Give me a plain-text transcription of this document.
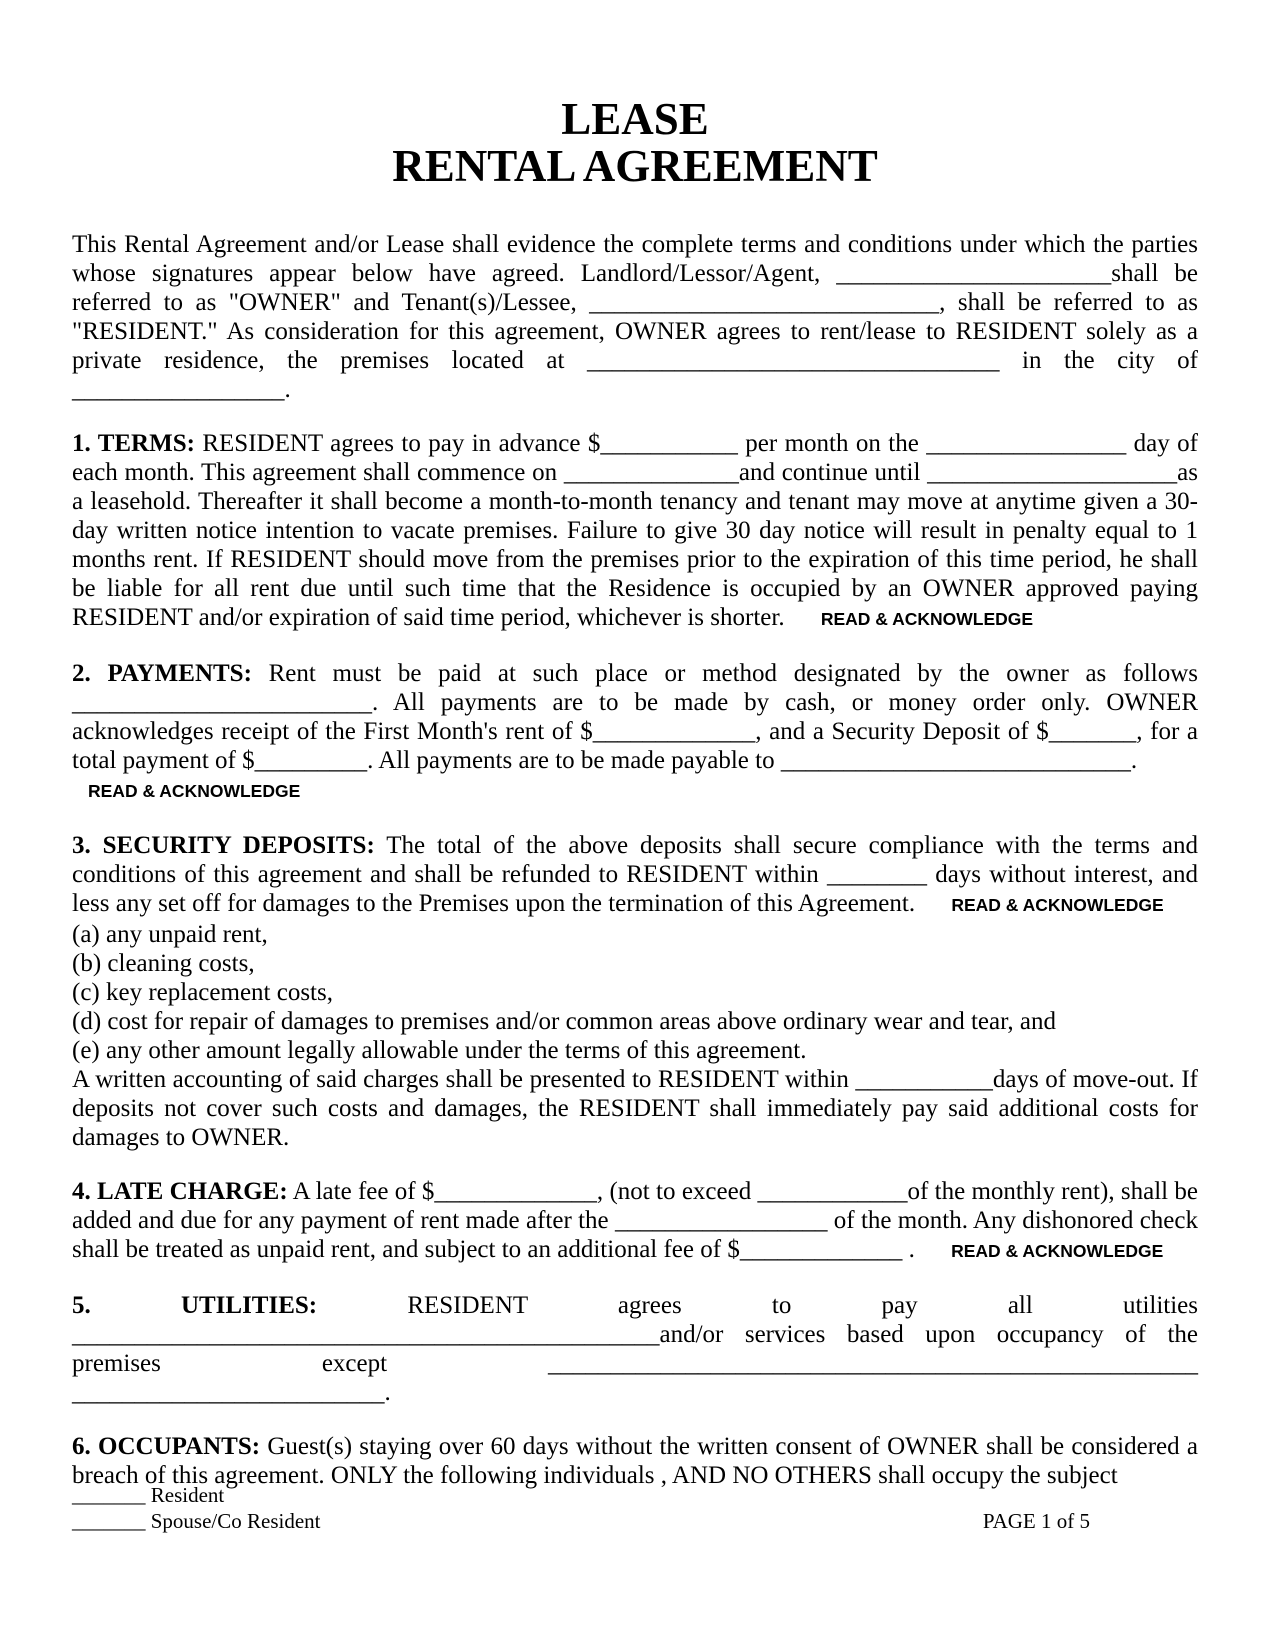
LEASE
RENTAL AGREEMENT

This Rental Agreement and/or Lease shall evidence the complete terms and conditions under which the parties whose signatures appear below have agreed. Landlord/Lessor/Agent, ______________________shall be referred to as "OWNER" and Tenant(s)/Lessee, ____________________________, shall be referred to as "RESIDENT." As consideration for this agreement, OWNER agrees to rent/lease to RESIDENT solely as a private residence, the premises located at _________________________________ in the city of _________________.

1. TERMS: RESIDENT agrees to pay in advance $___________ per month on the ________________ day of each month. This agreement shall commence on ______________and continue until ____________________as a leasehold. Thereafter it shall become a month-to-month tenancy and tenant may move at anytime given a 30-day written notice intention to vacate premises. Failure to give 30 day notice will result in penalty equal to 1 months rent. If RESIDENT should move from the premises prior to the expiration of this time period, he shall be liable for all rent due until such time that the Residence is occupied by an OWNER approved paying RESIDENT and/or expiration of said time period, whichever is shorter. READ & ACKNOWLEDGE

2. PAYMENTS: Rent must be paid at such place or method designated by the owner as follows ________________________. All payments are to be made by cash, or money order only. OWNER acknowledges receipt of the First Month's rent of $_____________, and a Security Deposit of $_______, for a total payment of $_________. All payments are to be made payable to ____________________________.

READ & ACKNOWLEDGE

3. SECURITY DEPOSITS: The total of the above deposits shall secure compliance with the terms and conditions of this agreement and shall be refunded to RESIDENT within ________ days without interest, and less any set off for damages to the Premises upon the termination of this Agreement. READ & ACKNOWLEDGE

(a) any unpaid rent,
(b) cleaning costs,
(c) key replacement costs,
(d) cost for repair of damages to premises and/or common areas above ordinary wear and tear, and
(e) any other amount legally allowable under the terms of this agreement.

A written accounting of said charges shall be presented to RESIDENT within ___________days of move-out. If deposits not cover such costs and damages, the RESIDENT shall immediately pay said additional costs for damages to OWNER.

4. LATE CHARGE: A late fee of $_____________, (not to exceed ____________of the monthly rent), shall be added and due for any payment of rent made after the _________________ of the month. Any dishonored check shall be treated as unpaid rent, and subject to an additional fee of $_____________ . READ & ACKNOWLEDGE

5. UTILITIES:	RESIDENT agrees to pay all utilities _______________________________________________and/or services based upon occupancy of the premises except ____________________________________________________ _________________________.

6. OCCUPANTS: Guest(s) staying over 60 days without the written consent of OWNER shall be considered a breach of this agreement. ONLY the following individuals , AND NO OTHERS shall occupy the subject

_______ Resident
_______ Spouse/Co Resident	PAGE 1 of 5
